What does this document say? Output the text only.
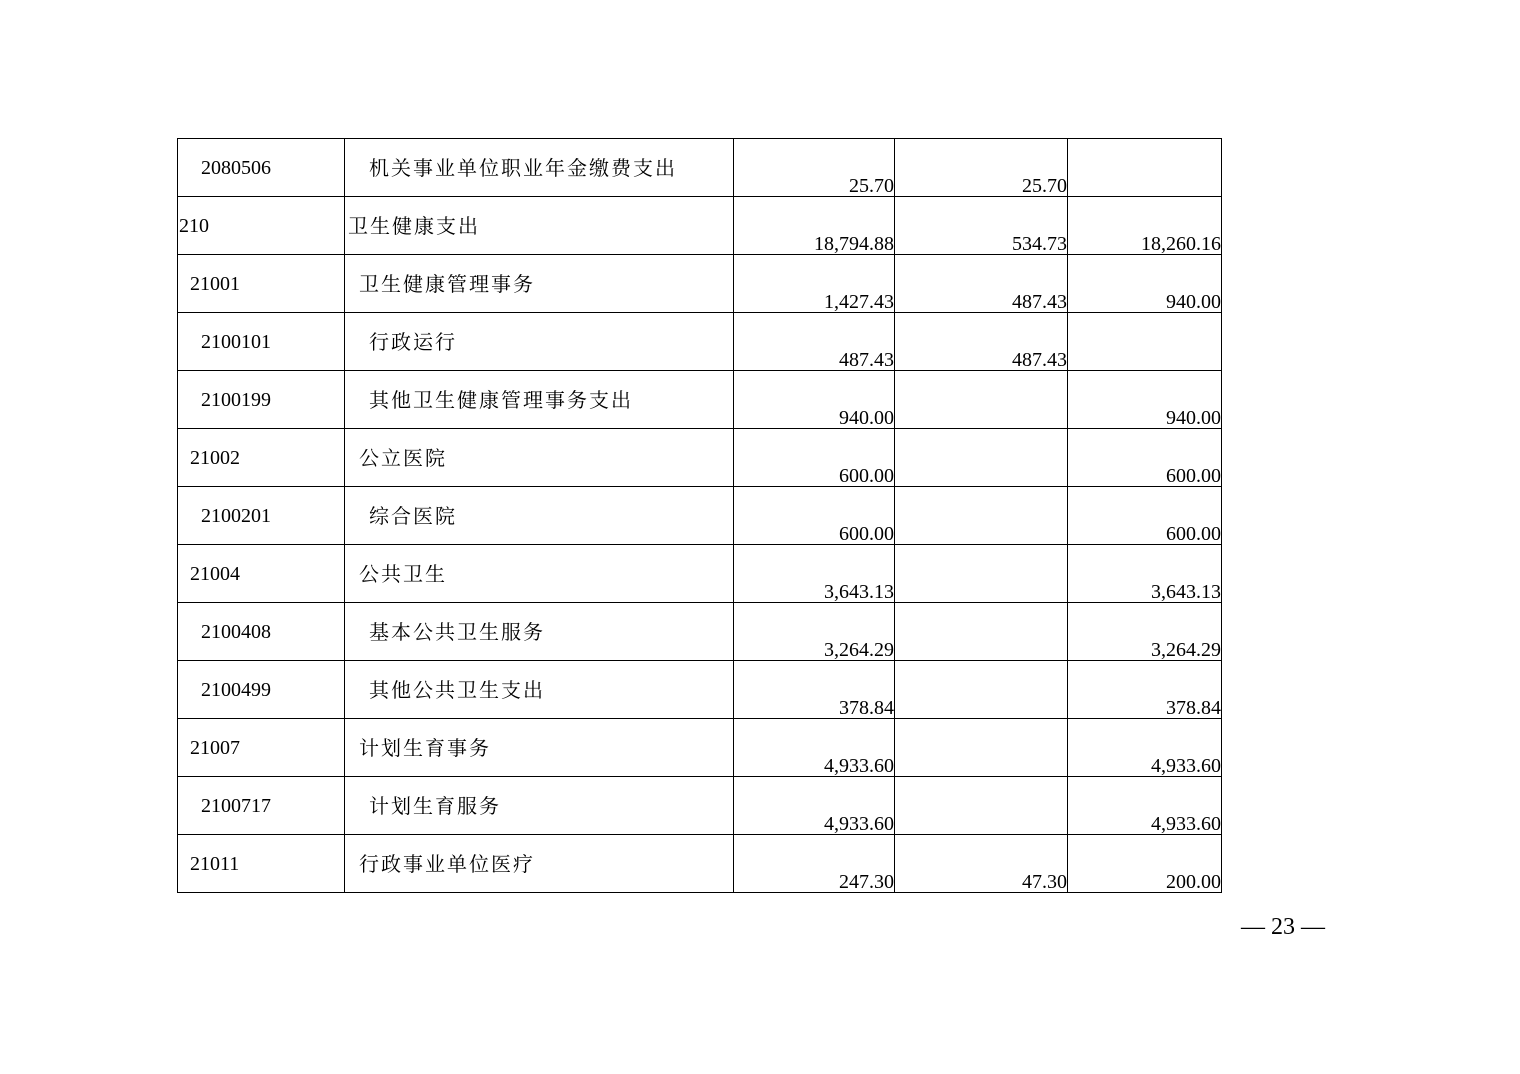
2080506	机关事业单位职业年金缴费支出	25.70	25.70	
210	卫生健康支出	18,794.88	534.73	18,260.16
21001	卫生健康管理事务	1,427.43	487.43	940.00
2100101	行政运行	487.43	487.43	
2100199	其他卫生健康管理事务支出	940.00		940.00
21002	公立医院	600.00		600.00
2100201	综合医院	600.00		600.00
21004	公共卫生	3,643.13		3,643.13
2100408	基本公共卫生服务	3,264.29		3,264.29
2100499	其他公共卫生支出	378.84		378.84
21007	计划生育事务	4,933.60		4,933.60
2100717	计划生育服务	4,933.60		4,933.60
21011	行政事业单位医疗	247.30	47.30	200.00
— 23 —
